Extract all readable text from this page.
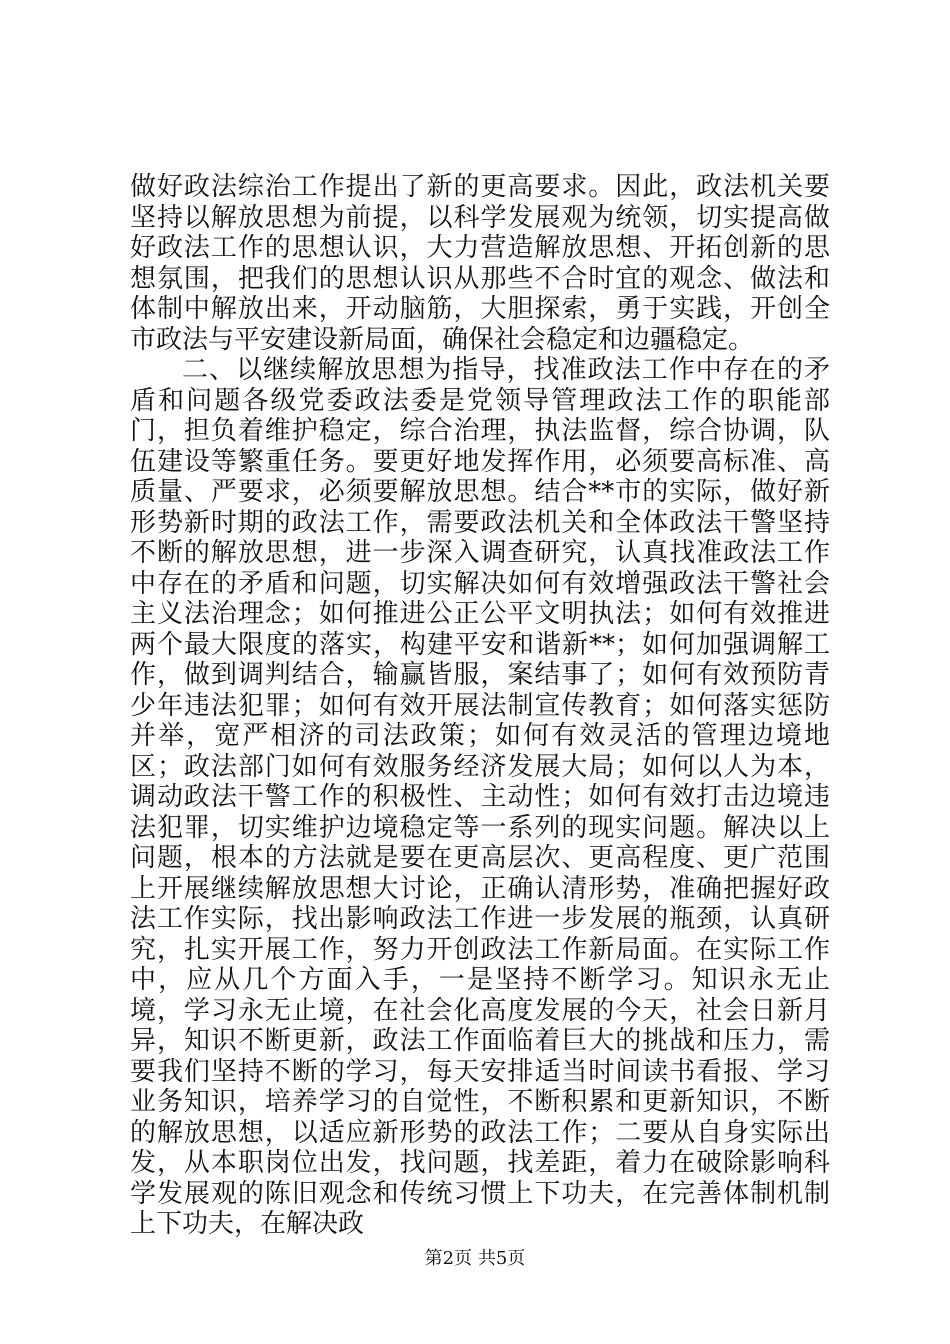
做好政法综治工作提出了新的更高要求。因此，政法机关要坚持以解放思想为前提，以科学发展观为统领，切实提高做好政法工作的思想认识，大力营造解放思想、开拓创新的思想氛围，把我们的思想认识从那些不合时宜的观念、做法和体制中解放出来，开动脑筋，大胆探索，勇于实践，开创全市政法与平安建设新局面，确保社会稳定和边疆稳定。

二、以继续解放思想为指导，找准政法工作中存在的矛盾和问题各级党委政法委是党领导管理政法工作的职能部门，担负着维护稳定，综合治理，执法监督，综合协调，队伍建设等繁重任务。要更好地发挥作用，必须要高标准、高质量、严要求，必须要解放思想。结合**市的实际，做好新形势新时期的政法工作，需要政法机关和全体政法干警坚持不断的解放思想，进一步深入调查研究，认真找准政法工作中存在的矛盾和问题，切实解决如何有效增强政法干警社会主义法治理念；如何推进公正公平文明执法；如何有效推进两个最大限度的落实，构建平安和谐新**；如何加强调解工作，做到调判结合，输赢皆服，案结事了；如何有效预防青少年违法犯罪；如何有效开展法制宣传教育；如何落实惩防并举，宽严相济的司法政策；如何有效灵活的管理边境地区；政法部门如何有效服务经济发展大局；如何以人为本，调动政法干警工作的积极性、主动性；如何有效打击边境违法犯罪，切实维护边境稳定等一系列的现实问题。解决以上问题，根本的方法就是要在更高层次、更高程度、更广范围上开展继续解放思想大讨论，正确认清形势，准确把握好政法工作实际，找出影响政法工作进一步发展的瓶颈，认真研究，扎实开展工作，努力开创政法工作新局面。在实际工作中，应从几个方面入手，一是坚持不断学习。知识永无止境，学习永无止境，在社会化高度发展的今天，社会日新月异，知识不断更新，政法工作面临着巨大的挑战和压力，需要我们坚持不断的学习，每天安排适当时间读书看报、学习业务知识，培养学习的自觉性，不断积累和更新知识，不断的解放思想，以适应新形势的政法工作；二要从自身实际出发，从本职岗位出发，找问题，找差距，着力在破除影响科学发展观的陈旧观念和传统习惯上下功夫，在完善体制机制上下功夫，在解决政

第2页 共5页
